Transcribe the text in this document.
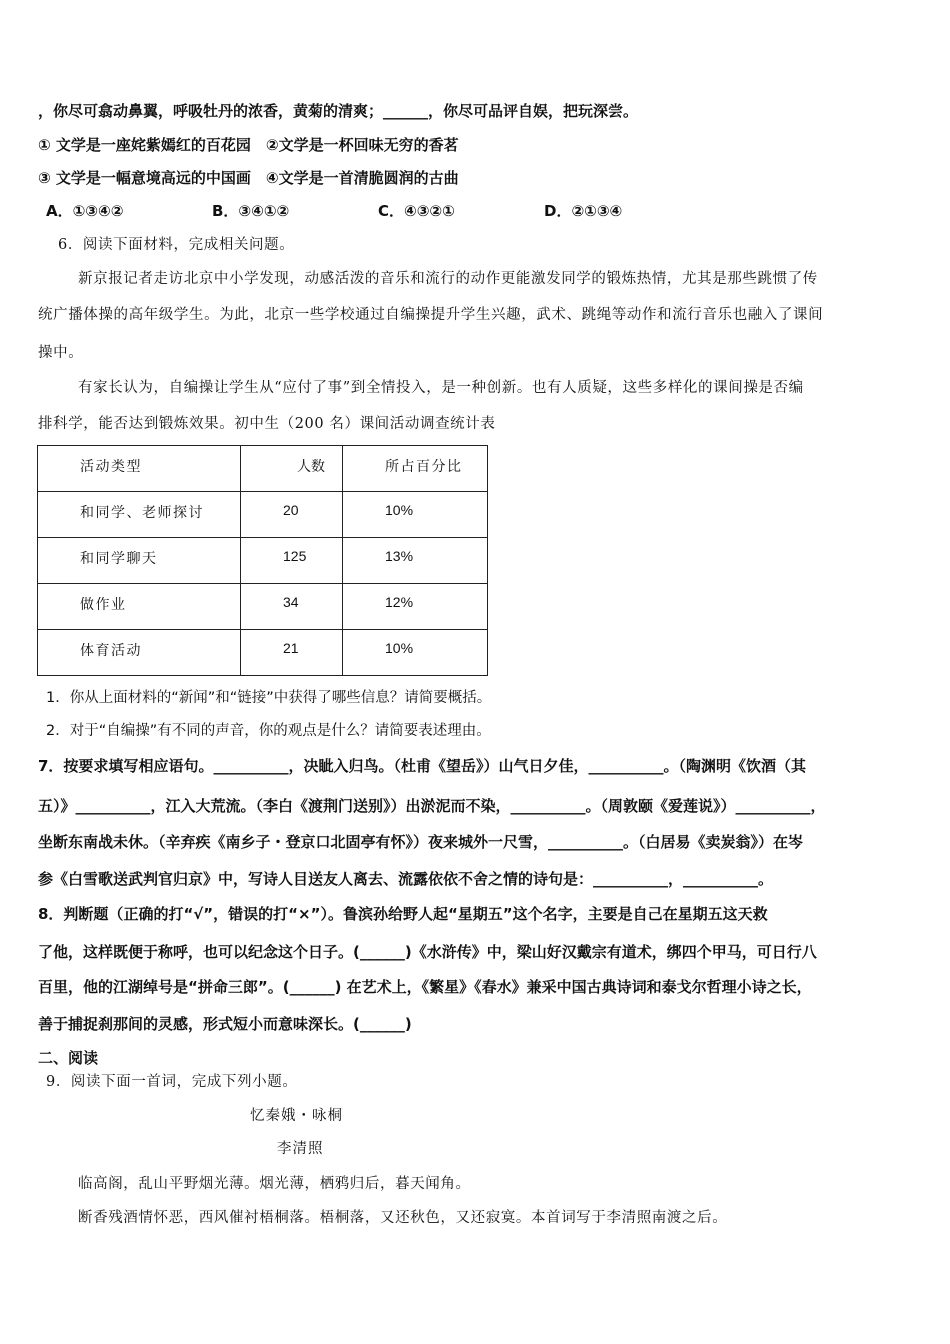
，你尽可翕动鼻翼，呼吸牡丹的浓香，黄菊的清爽；______，你尽可品评自娱，把玩深尝。
① 文学是一座姹紫嫣红的百花园　②文学是一杯回味无穷的香茗
③ 文学是一幅意境高远的中国画　④文学是一首清脆圆润的古曲
A．①③④②	B．③④①②	C．④③②①	D．②①③④
6．阅读下面材料，完成相关问题。
新京报记者走访北京中小学发现，动感活泼的音乐和流行的动作更能激发同学的锻炼热情，尤其是那些跳惯了传
统广播体操的高年级学生。为此，北京一些学校通过自编操提升学生兴趣，武术、跳绳等动作和流行音乐也融入了课间
操中。
有家长认为，自编操让学生从“应付了事”到全情投入，是一种创新。也有人质疑，这些多样化的课间操是否编
排科学，能否达到锻炼效果。初中生（200 名）课间活动调查统计表
活动类型	人数	所占百分比

和同学、老师探讨	20	10%

和同学聊天	125	13%

做作业	34	12%

体育活动	21	10%
1．你从上面材料的“新闻”和“链接”中获得了哪些信息？请简要概括。
2．对于“自编操”有不同的声音，你的观点是什么？请简要表述理由。
7．按要求填写相应语句。__________，决眦入归鸟。（杜甫《望岳》）山气日夕佳，__________。（陶渊明《饮酒（其
五）》__________，江入大荒流。（李白《渡荆门送别》）出淤泥而不染，__________。（周敦颐《爱莲说》）__________，
坐断东南战未休。（辛弃疾《南乡子・登京口北固亭有怀》）夜来城外一尺雪，__________。（白居易《卖炭翁》）在岑
参《白雪歌送武判官归京》中，写诗人目送友人离去、流露依依不舍之情的诗句是：__________，__________。
8．判断题（正确的打“√”，错误的打“×”）。鲁滨孙给野人起“星期五”这个名字，主要是自己在星期五这天救
了他，这样既便于称呼，也可以纪念这个日子。(______)《水浒传》中，梁山好汉戴宗有道术，绑四个甲马，可日行八
百里，他的江湖绰号是“拼命三郎”。(______) 在艺术上，《繁星》《春水》兼采中国古典诗词和泰戈尔哲理小诗之长，
善于捕捉刹那间的灵感，形式短小而意味深长。(______)
二、阅读
9．阅读下面一首词，完成下列小题。
忆秦娥・咏桐
李清照
临高阁，乱山平野烟光薄。烟光薄，栖鸦归后，暮天闻角。
断香残酒情怀恶，西风催衬梧桐落。梧桐落，又还秋色，又还寂寞。本首词写于李清照南渡之后。
